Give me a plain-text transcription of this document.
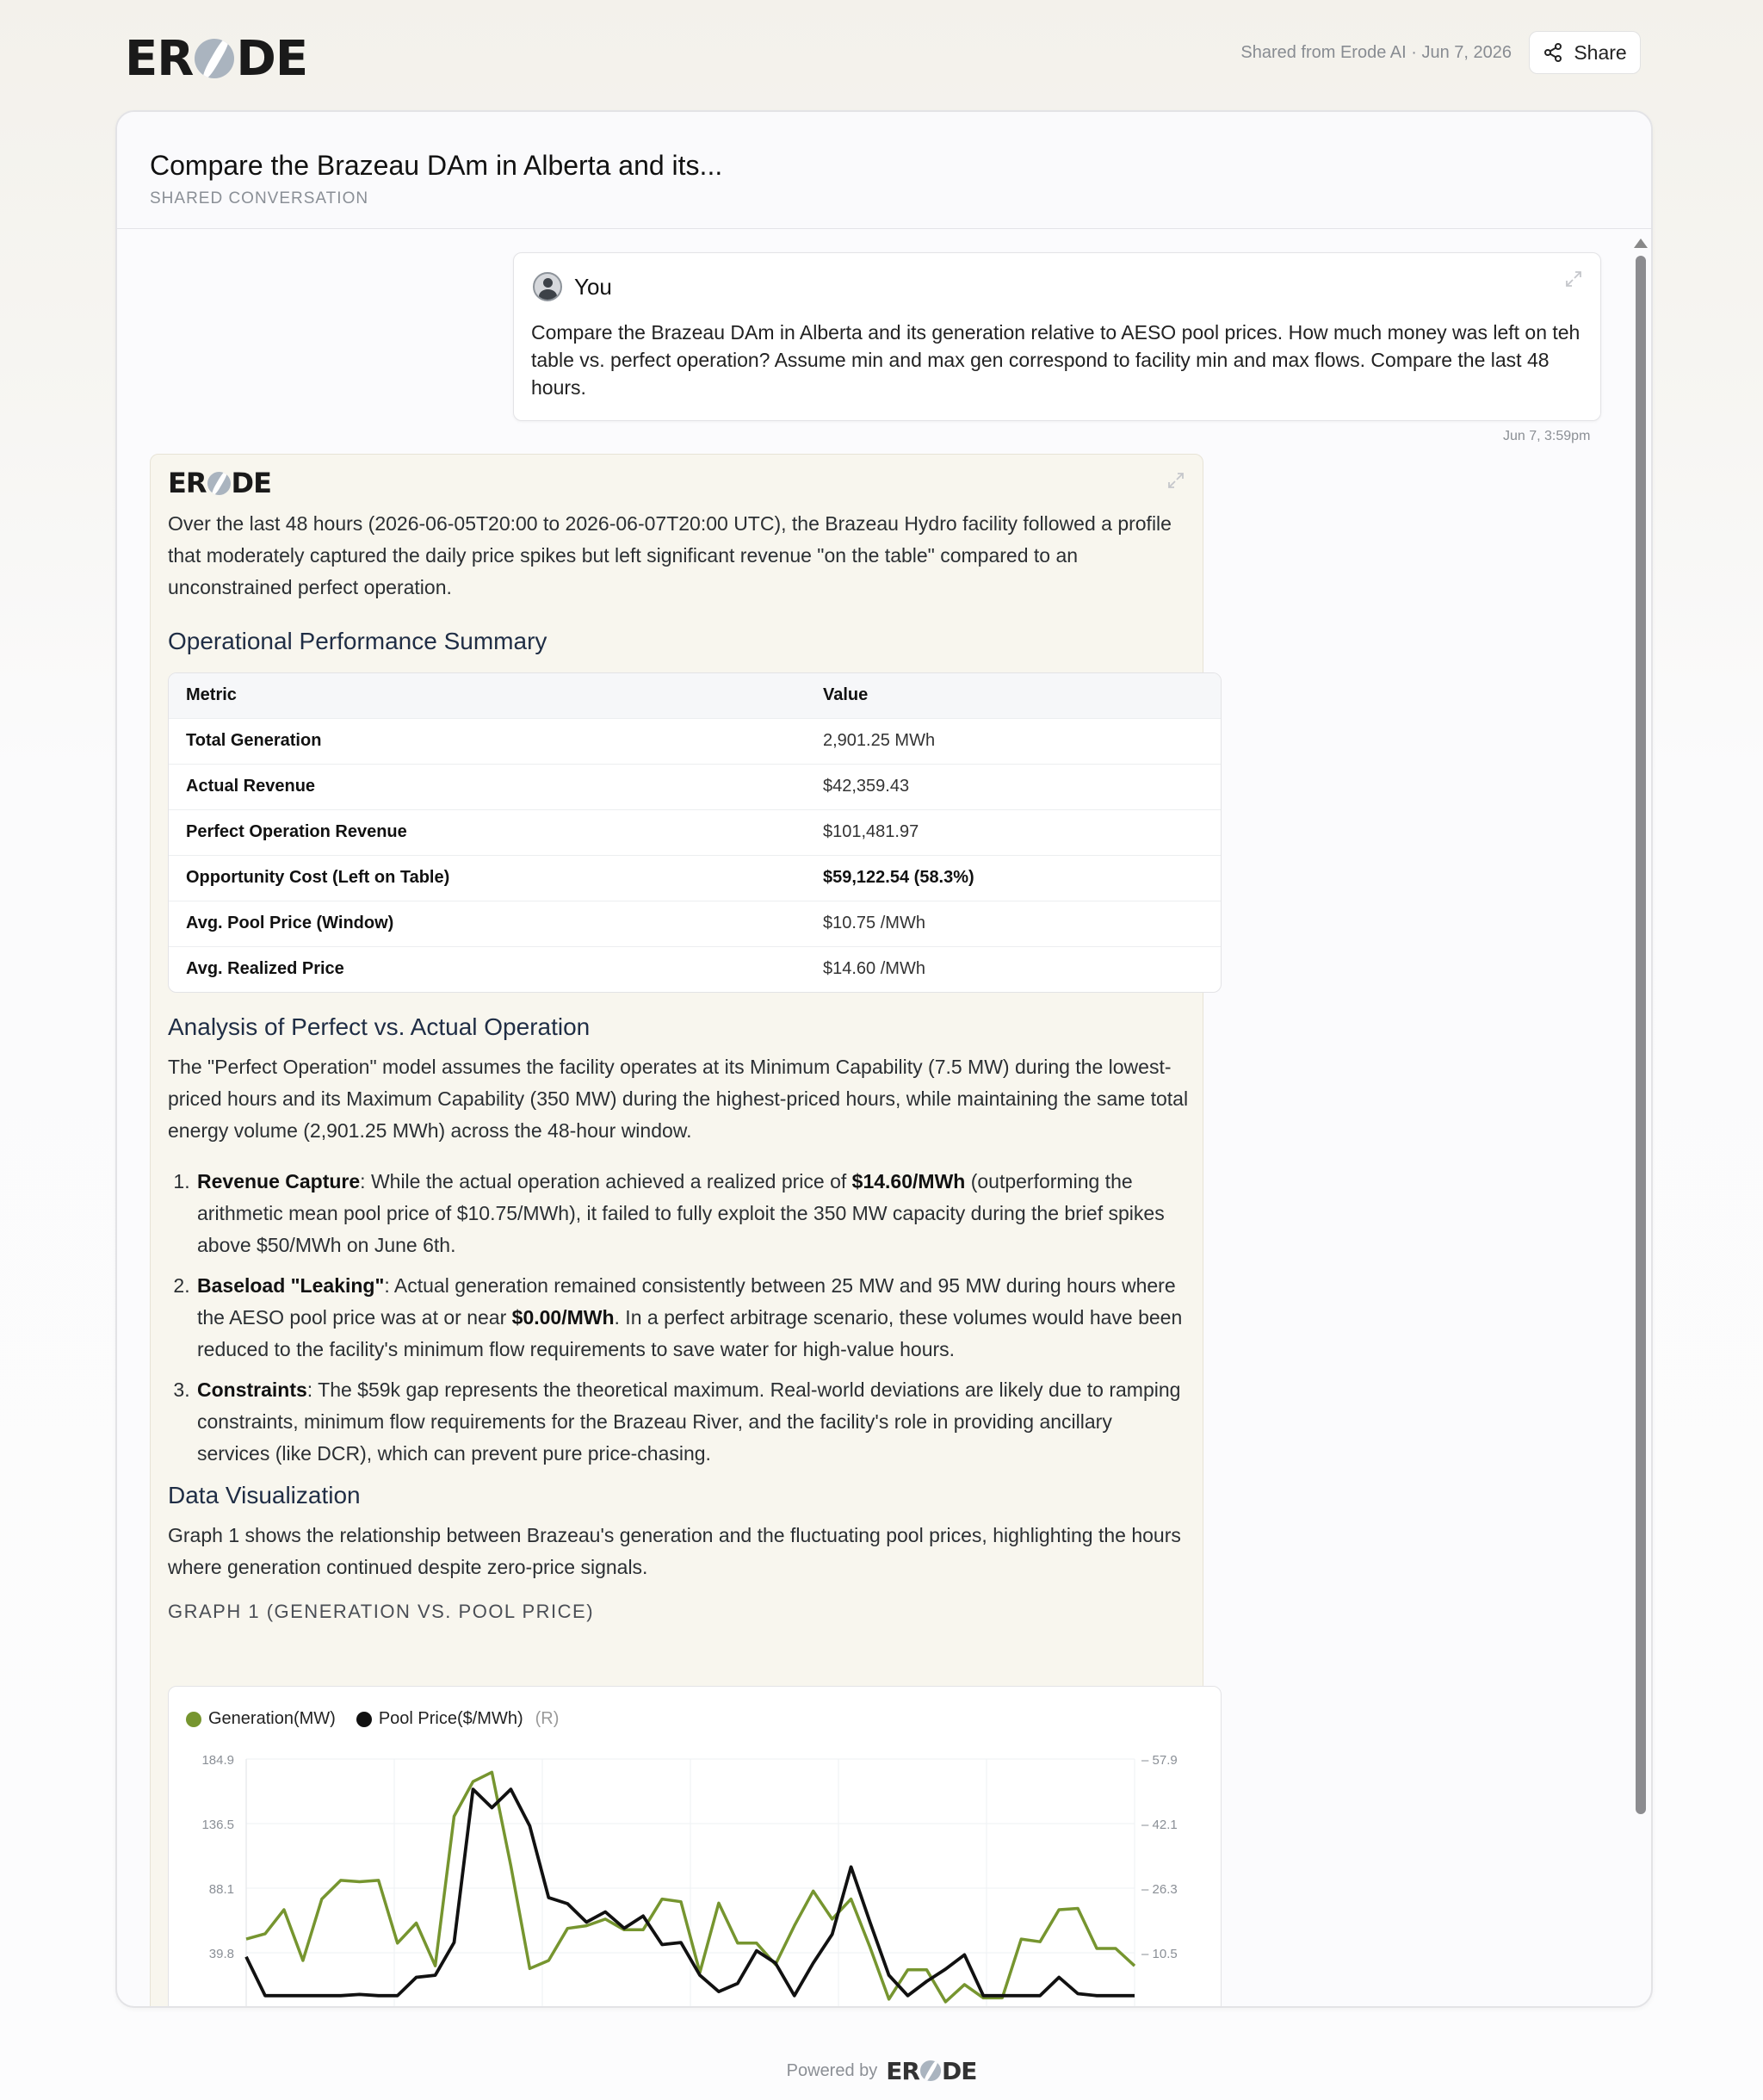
ER DE	Shared from Erode AI · Jun 7, 2026	Share
Compare the Brazeau DAm in Alberta and its...
SHARED CONVERSATION
You
Compare the Brazeau DAm in Alberta and its generation relative to AESO pool prices. How much money was left on teh table vs. perfect operation? Assume min and max gen correspond to facility min and max flows. Compare the last 48 hours.
Jun 7, 3:59pm
ER DE

Over the last 48 hours (2026-06-05T20:00 to 2026-06-07T20:00 UTC), the Brazeau Hydro facility followed a profile that moderately captured the daily price spikes but left significant revenue "on the table" compared to an unconstrained perfect operation.

Operational Performance Summary
Metric	Value
Total Generation	2,901.25 MWh
Actual Revenue	$42,359.43
Perfect Operation Revenue	$101,481.97
Opportunity Cost (Left on Table)	$59,122.54 (58.3%)
Avg. Pool Price (Window)	$10.75 /MWh
Avg. Realized Price	$14.60 /MWh
Analysis of Perfect vs. Actual Operation

The "Perfect Operation" model assumes the facility operates at its Minimum Capability (7.5 MW) during the lowest-priced hours and its Maximum Capability (350 MW) during the highest-priced hours, while maintaining the same total energy volume (2,901.25 MWh) across the 48-hour window.

1. Revenue Capture: While the actual operation achieved a realized price of $14.60/MWh (outperforming the arithmetic mean pool price of $10.75/MWh), it failed to fully exploit the 350 MW capacity during the brief spikes above $50/MWh on June 6th.
2. Baseload "Leaking": Actual generation remained consistently between 25 MW and 95 MW during hours where the AESO pool price was at or near $0.00/MWh. In a perfect arbitrage scenario, these volumes would have been reduced to the facility's minimum flow requirements to save water for high-value hours.
3. Constraints: The $59k gap represents the theoretical maximum. Real-world deviations are likely due to ramping constraints, minimum flow requirements for the Brazeau River, and the facility's role in providing ancillary services (like DCR), which can prevent pure price-chasing.
Data Visualization

Graph 1 shows the relationship between Brazeau's generation and the fluctuating pool prices, highlighting the hours where generation continued despite zero-price signals.

GRAPH 1 (GENERATION VS. POOL PRICE)
Generation(MW)	Pool Price($/MWh) (R)
184.9
136.5
88.1
39.8
-8.6
– 57.9
– 42.1
– 26.3
– 10.5
– -5.3
Powered by ER DE
